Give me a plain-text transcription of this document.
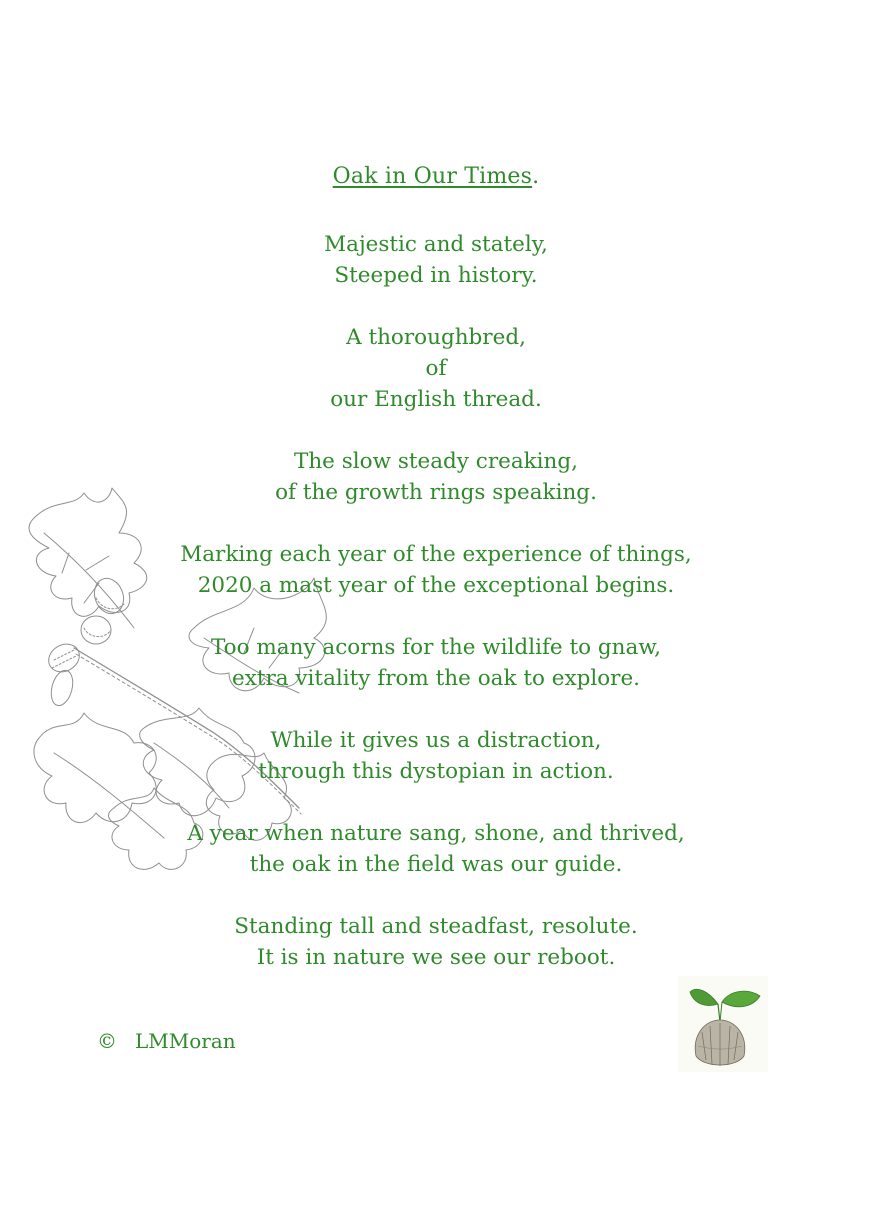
Oak in Our Times.
Majestic and stately,
Steeped in history.
A thoroughbred,
of
our English thread.
The slow steady creaking,
of the growth rings speaking.
Marking each year of the experience of things,
2020 a mast year of the exceptional begins.
Too many acorns for the wildlife to gnaw,
extra vitality from the oak to explore.
While it gives us a distraction,
through this dystopian in action.
A year when nature sang, shone, and thrived,
the oak in the field was our guide.
Standing tall and steadfast, resolute.
It is in nature we see our reboot.
© LMMoran
